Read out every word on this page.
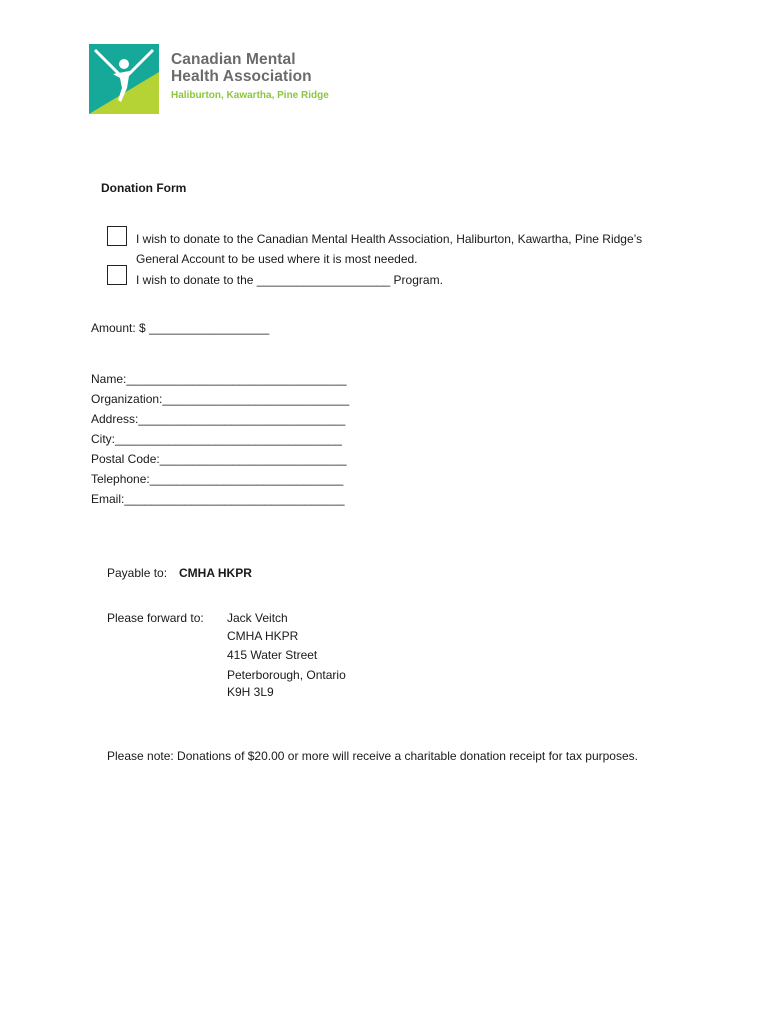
Canadian Mental
Health Association
Haliburton, Kawartha, Pine Ridge
Donation Form
I wish to donate to the Canadian Mental Health Association, Haliburton, Kawartha, Pine Ridge’s
General Account to be used where it is most needed.
I wish to donate to the ____________________ Program.
Amount: $ __________________
Name:_________________________________
Organization:____________________________
Address:_______________________________
City:__________________________________
Postal Code:____________________________
Telephone:_____________________________
Email:_________________________________
Payable to: CMHA HKPR
Please forward to: Jack Veitch
CMHA HKPR
415 Water Street
Peterborough, Ontario
K9H 3L9
Please note: Donations of $20.00 or more will receive a charitable donation receipt for tax purposes.
